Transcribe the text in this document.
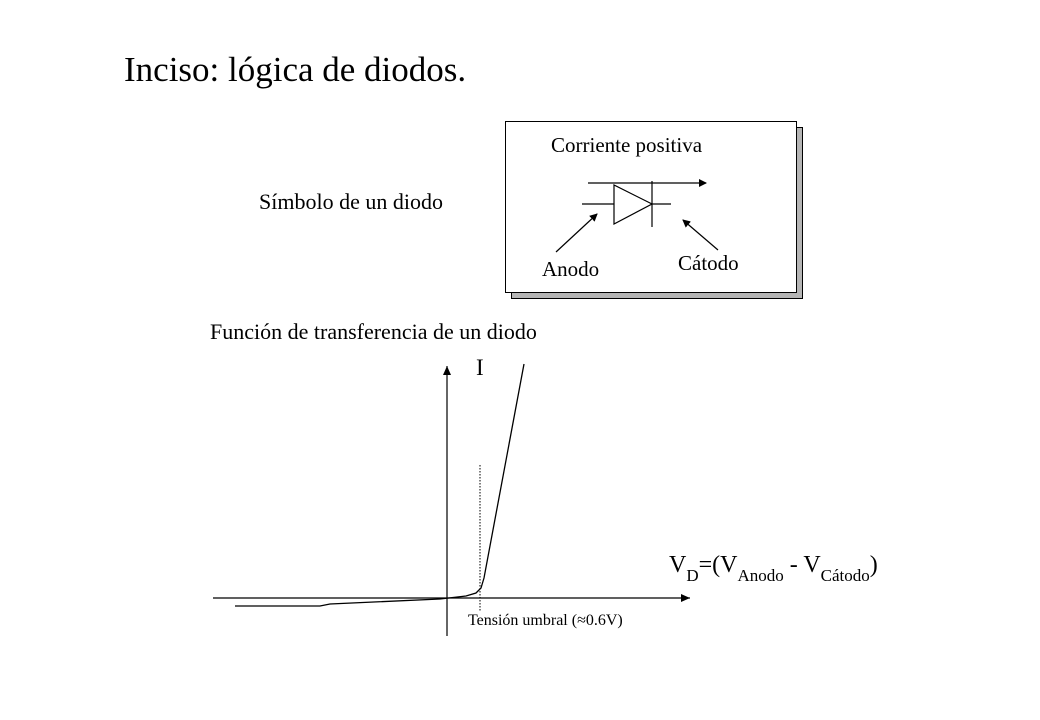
Inciso: lógica de diodos.
Símbolo de un diodo
Corriente positiva
Anodo	Cátodo
Función de transferencia de un diodo
I
$V_D=(V_{Anodo} - V_{Cátodo})$
Tensión umbral (≈0.6V)
